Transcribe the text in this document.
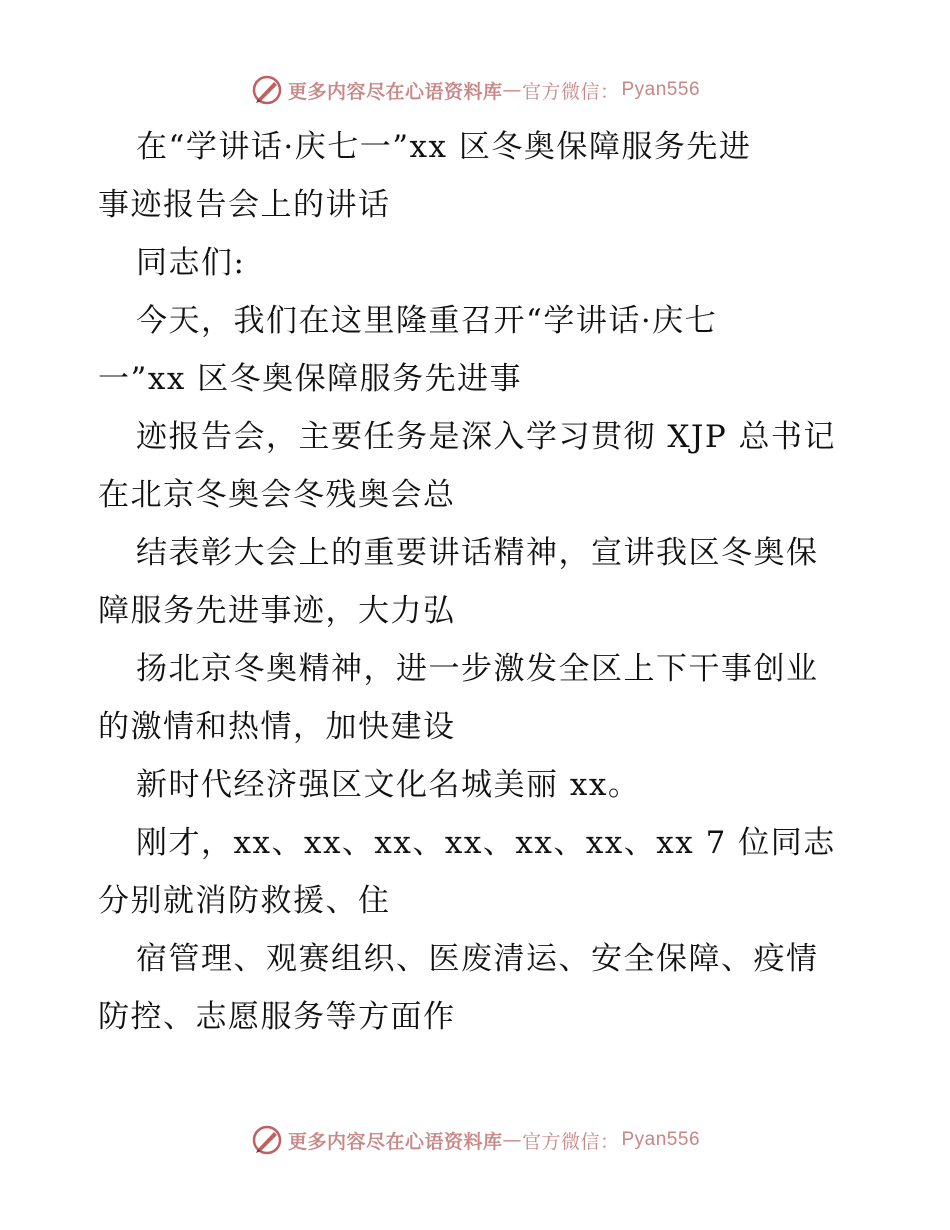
更多内容尽在心语资料库 — 官方微信： Pyan556
在“学讲话·庆七一”xx 区冬奥保障服务先进
事迹报告会上的讲话
同志们:
今天，我们在这里隆重召开“学讲话·庆七
一”xx 区冬奥保障服务先进事
迹报告会，主要任务是深入学习贯彻 XJP 总书记
在北京冬奥会冬残奥会总
结表彰大会上的重要讲话精神，宣讲我区冬奥保
障服务先进事迹，大力弘
扬北京冬奥精神，进一步激发全区上下干事创业
的激情和热情，加快建设
新时代经济强区文化名城美丽 xx。
刚才，xx、xx、xx、xx、xx、xx、xx 7 位同志
分别就消防救援、住
宿管理、观赛组织、医废清运、安全保障、疫情
防控、志愿服务等方面作
更多内容尽在心语资料库 — 官方微信： Pyan556
